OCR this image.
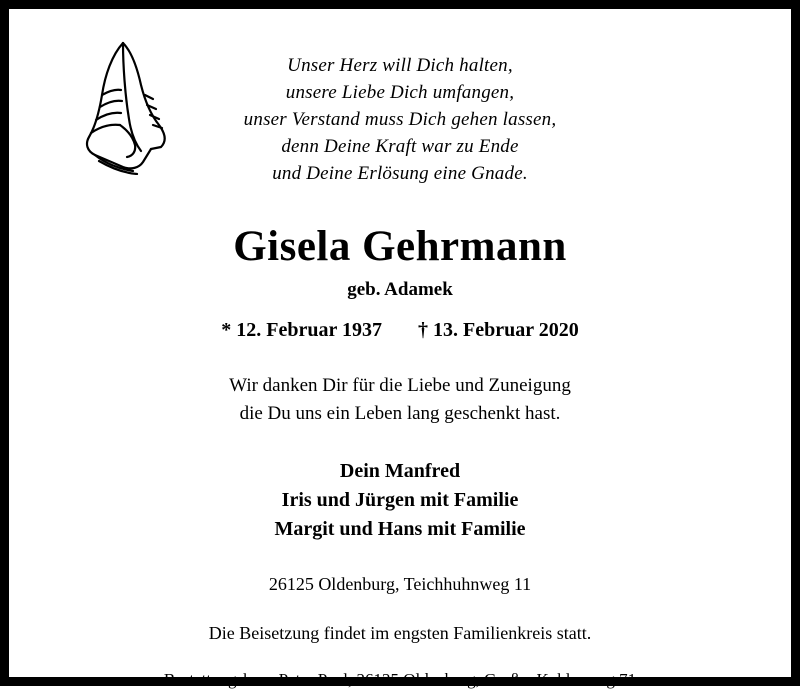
Unser Herz will Dich halten,
unsere Liebe Dich umfangen,
unser Verstand muss Dich gehen lassen,
denn Deine Kraft war zu Ende
und Deine Erlösung eine Gnade.
Gisela Gehrmann
geb. Adamek
* 12. Februar 1937 † 13. Februar 2020
Wir danken Dir für die Liebe und Zuneigung
die Du uns ein Leben lang geschenkt hast.
Dein Manfred
Iris und Jürgen mit Familie
Margit und Hans mit Familie
26125 Oldenburg, Teichhuhnweg 11
Die Beisetzung findet im engsten Familienkreis statt.
Bestattungshaus Petra Paul, 26125 Oldenburg, Großer Kuhlenweg 71
